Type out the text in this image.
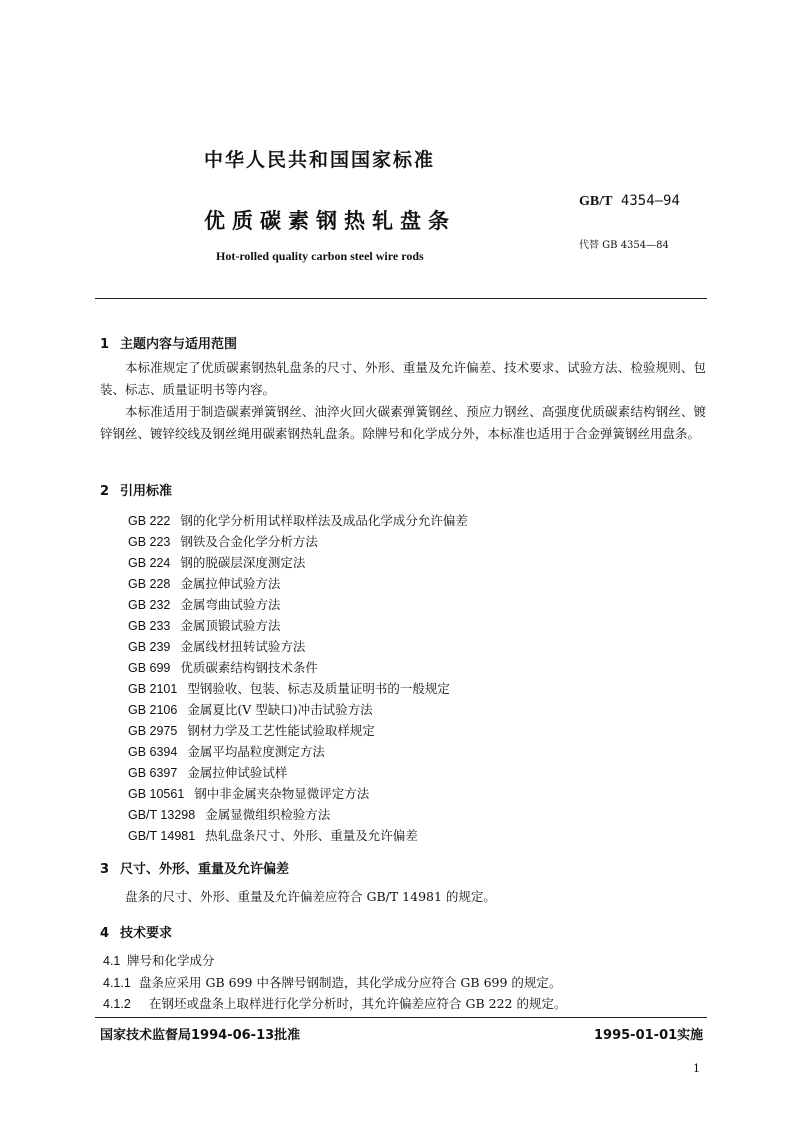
中华人民共和国国家标准
优质碳素钢热轧盘条
Hot-rolled quality carbon steel wire rods
GB/T 4354—94
代替 GB 4354—84
1 主题内容与适用范围
本标准规定了优质碳素钢热轧盘条的尺寸、外形、重量及允许偏差、技术要求、试验方法、检验规则、包装、标志、质量证明书等内容。
本标准适用于制造碳素弹簧钢丝、油淬火回火碳素弹簧钢丝、预应力钢丝、高强度优质碳素结构钢丝、镀锌钢丝、镀锌绞线及钢丝绳用碳素钢热轧盘条。除牌号和化学成分外，本标准也适用于合金弹簧钢丝用盘条。
2 引用标准
GB 222 钢的化学分析用试样取样法及成品化学成分允许偏差
GB 223 钢铁及合金化学分析方法
GB 224 钢的脱碳层深度测定法
GB 228 金属拉伸试验方法
GB 232 金属弯曲试验方法
GB 233 金属顶锻试验方法
GB 239 金属线材扭转试验方法
GB 699 优质碳素结构钢技术条件
GB 2101 型钢验收、包装、标志及质量证明书的一般规定
GB 2106 金属夏比(V 型缺口)冲击试验方法
GB 2975 钢材力学及工艺性能试验取样规定
GB 6394 金属平均晶粒度测定方法
GB 6397 金属拉伸试验试样
GB 10561 钢中非金属夹杂物显微评定方法
GB/T 13298 金属显微组织检验方法
GB/T 14981 热轧盘条尺寸、外形、重量及允许偏差
3 尺寸、外形、重量及允许偏差
盘条的尺寸、外形、重量及允许偏差应符合 GB/T 14981 的规定。
4 技术要求
4.1 牌号和化学成分
4.1.1 盘条应采用 GB 699 中各牌号钢制造，其化学成分应符合 GB 699 的规定。
4.1.2 在钢坯或盘条上取样进行化学分析时，其允许偏差应符合 GB 222 的规定。
国家技术监督局1994-06-13批准	1995-01-01实施
1
